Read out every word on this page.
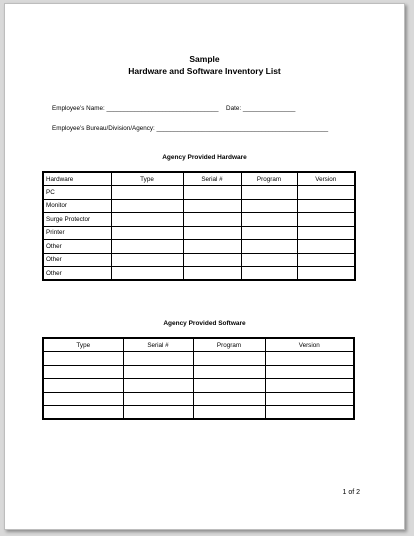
Sample
Hardware and Software Inventory List
Employee’s Name: ________________________________ Date: _______________
Employee’s Bureau/Division/Agency: _________________________________________________
Agency Provided Hardware
Hardware	Type	Serial #	Program	Version
PC				
Monitor				
Surge Protector				
Printer				
Other				
Other				
Other				
Agency Provided Software
Type	Serial #	Program	Version

1 of 2
